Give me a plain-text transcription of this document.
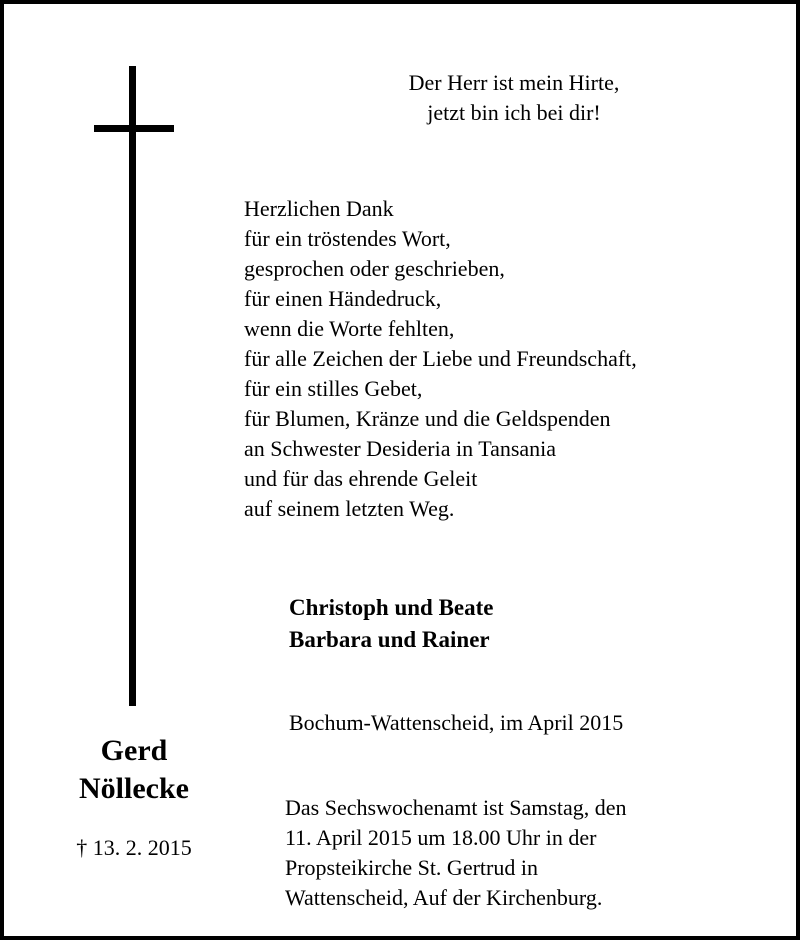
Der Herr ist mein Hirte,
jetzt bin ich bei dir!
Herzlichen Dank
für ein tröstendes Wort,
gesprochen oder geschrieben,
für einen Händedruck,
wenn die Worte fehlten,
für alle Zeichen der Liebe und Freundschaft,
für ein stilles Gebet,
für Blumen, Kränze und die Geldspenden
an Schwester Desideria in Tansania
und für das ehrende Geleit
auf seinem letzten Weg.
Christoph und Beate
Barbara und Rainer
Bochum-Wattenscheid, im April 2015
Das Sechswochenamt ist Samstag, den
11. April 2015 um 18.00 Uhr in der
Propsteikirche St. Gertrud in
Wattenscheid, Auf der Kirchenburg.
Gerd
Nöllecke
† 13. 2. 2015
